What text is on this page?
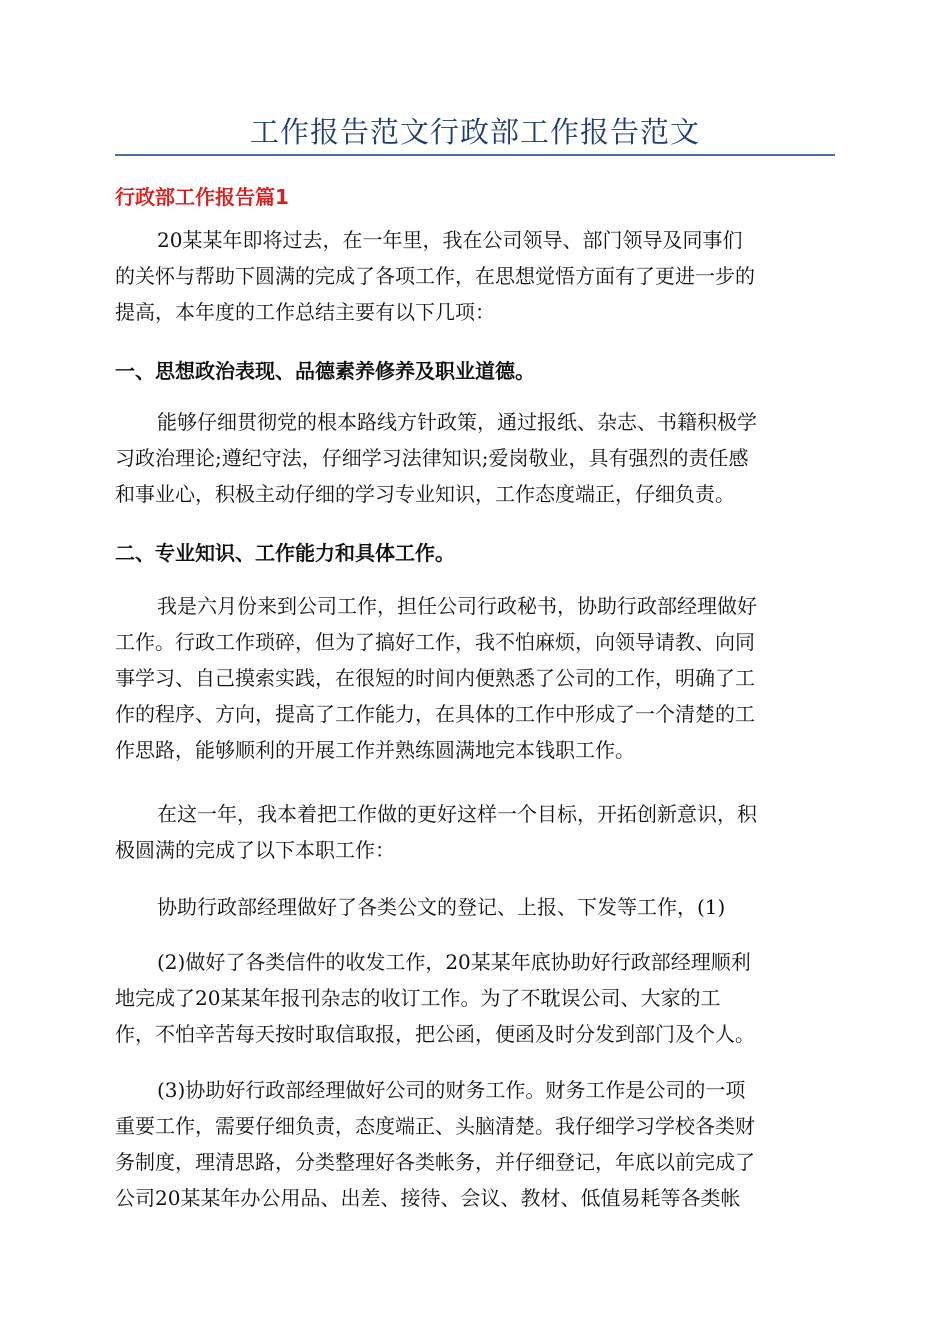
工作报告范文行政部工作报告范文
行政部工作报告篇1
20某某年即将过去，在一年里，我在公司领导、部门领导及同事们
的关怀与帮助下圆满的完成了各项工作，在思想觉悟方面有了更进一步的
提高，本年度的工作总结主要有以下几项：
一、思想政治表现、品德素养修养及职业道德。
能够仔细贯彻党的根本路线方针政策，通过报纸、杂志、书籍积极学
习政治理论;遵纪守法，仔细学习法律知识;爱岗敬业，具有强烈的责任感
和事业心，积极主动仔细的学习专业知识，工作态度端正，仔细负责。
二、专业知识、工作能力和具体工作。
我是六月份来到公司工作，担任公司行政秘书，协助行政部经理做好
工作。行政工作琐碎，但为了搞好工作，我不怕麻烦，向领导请教、向同
事学习、自己摸索实践，在很短的时间内便熟悉了公司的工作，明确了工
作的程序、方向，提高了工作能力，在具体的工作中形成了一个清楚的工
作思路，能够顺利的开展工作并熟练圆满地完本钱职工作。
在这一年，我本着把工作做的更好这样一个目标，开拓创新意识，积
极圆满的完成了以下本职工作：
协助行政部经理做好了各类公文的登记、上报、下发等工作，(1)
(2)做好了各类信件的收发工作，20某某年底协助好行政部经理顺利
地完成了20某某年报刊杂志的收订工作。为了不耽误公司、大家的工
作，不怕辛苦每天按时取信取报，把公函，便函及时分发到部门及个人。
(3)协助好行政部经理做好公司的财务工作。财务工作是公司的一项
重要工作，需要仔细负责，态度端正、头脑清楚。我仔细学习学校各类财
务制度，理清思路，分类整理好各类帐务，并仔细登记，年底以前完成了
公司20某某年办公用品、出差、接待、会议、教材、低值易耗等各类帐
